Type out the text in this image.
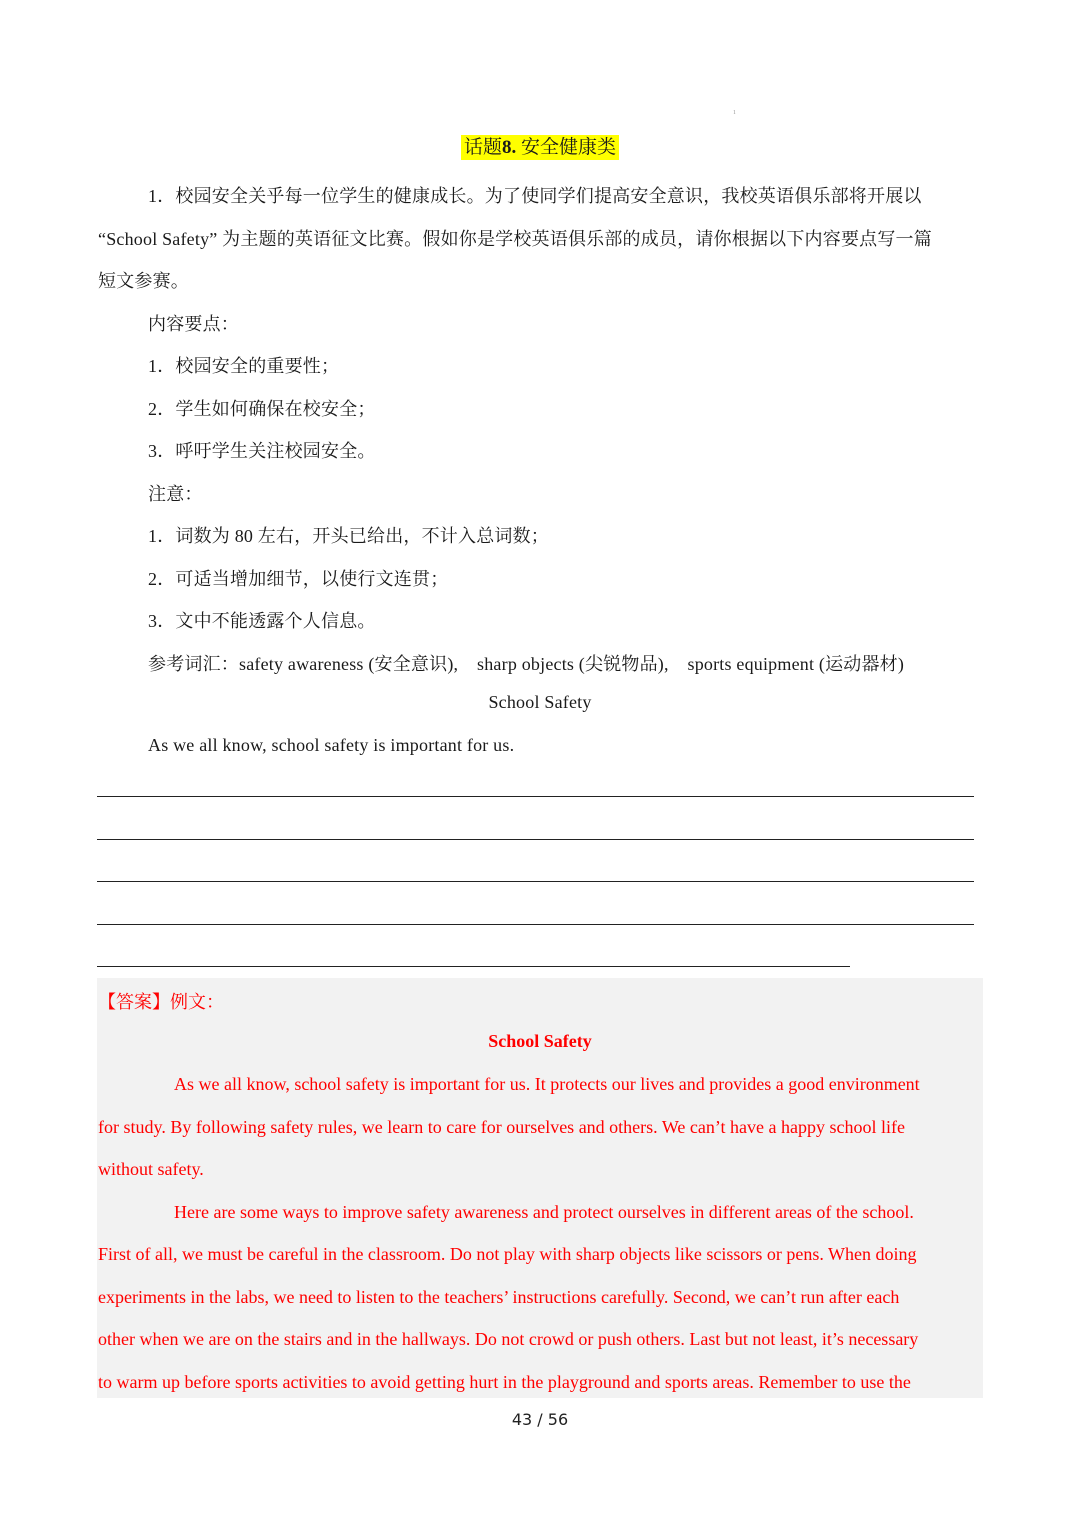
1
话题8. 安全健康类
1．校园安全关乎每一位学生的健康成长。为了使同学们提高安全意识，我校英语俱乐部将开展以
“School Safety” 为主题的英语征文比赛。假如你是学校英语俱乐部的成员，请你根据以下内容要点写一篇
短文参赛。
内容要点：
1．校园安全的重要性；
2．学生如何确保在校安全；
3．呼吁学生关注校园安全。
注意：
1．词数为 80 左右，开头已给出，不计入总词数；
2．可适当增加细节，以使行文连贯；
3．文中不能透露个人信息。
参考词汇：safety awareness (安全意识),    sharp objects (尖锐物品),    sports equipment (运动器材)
School Safety
As we all know, school safety is important for us.
【答案】例文：
School Safety
As we all know, school safety is important for us. It protects our lives and provides a good environment
for study. By following safety rules, we learn to care for ourselves and others. We can’t have a happy school life
without safety.
Here are some ways to improve safety awareness and protect ourselves in different areas of the school.
First of all, we must be careful in the classroom. Do not play with sharp objects like scissors or pens. When doing
experiments in the labs, we need to listen to the teachers’ instructions carefully. Second, we can’t run after each
other when we are on the stairs and in the hallways. Do not crowd or push others. Last but not least, it’s necessary
to warm up before sports activities to avoid getting hurt in the playground and sports areas. Remember to use the
43 / 56
